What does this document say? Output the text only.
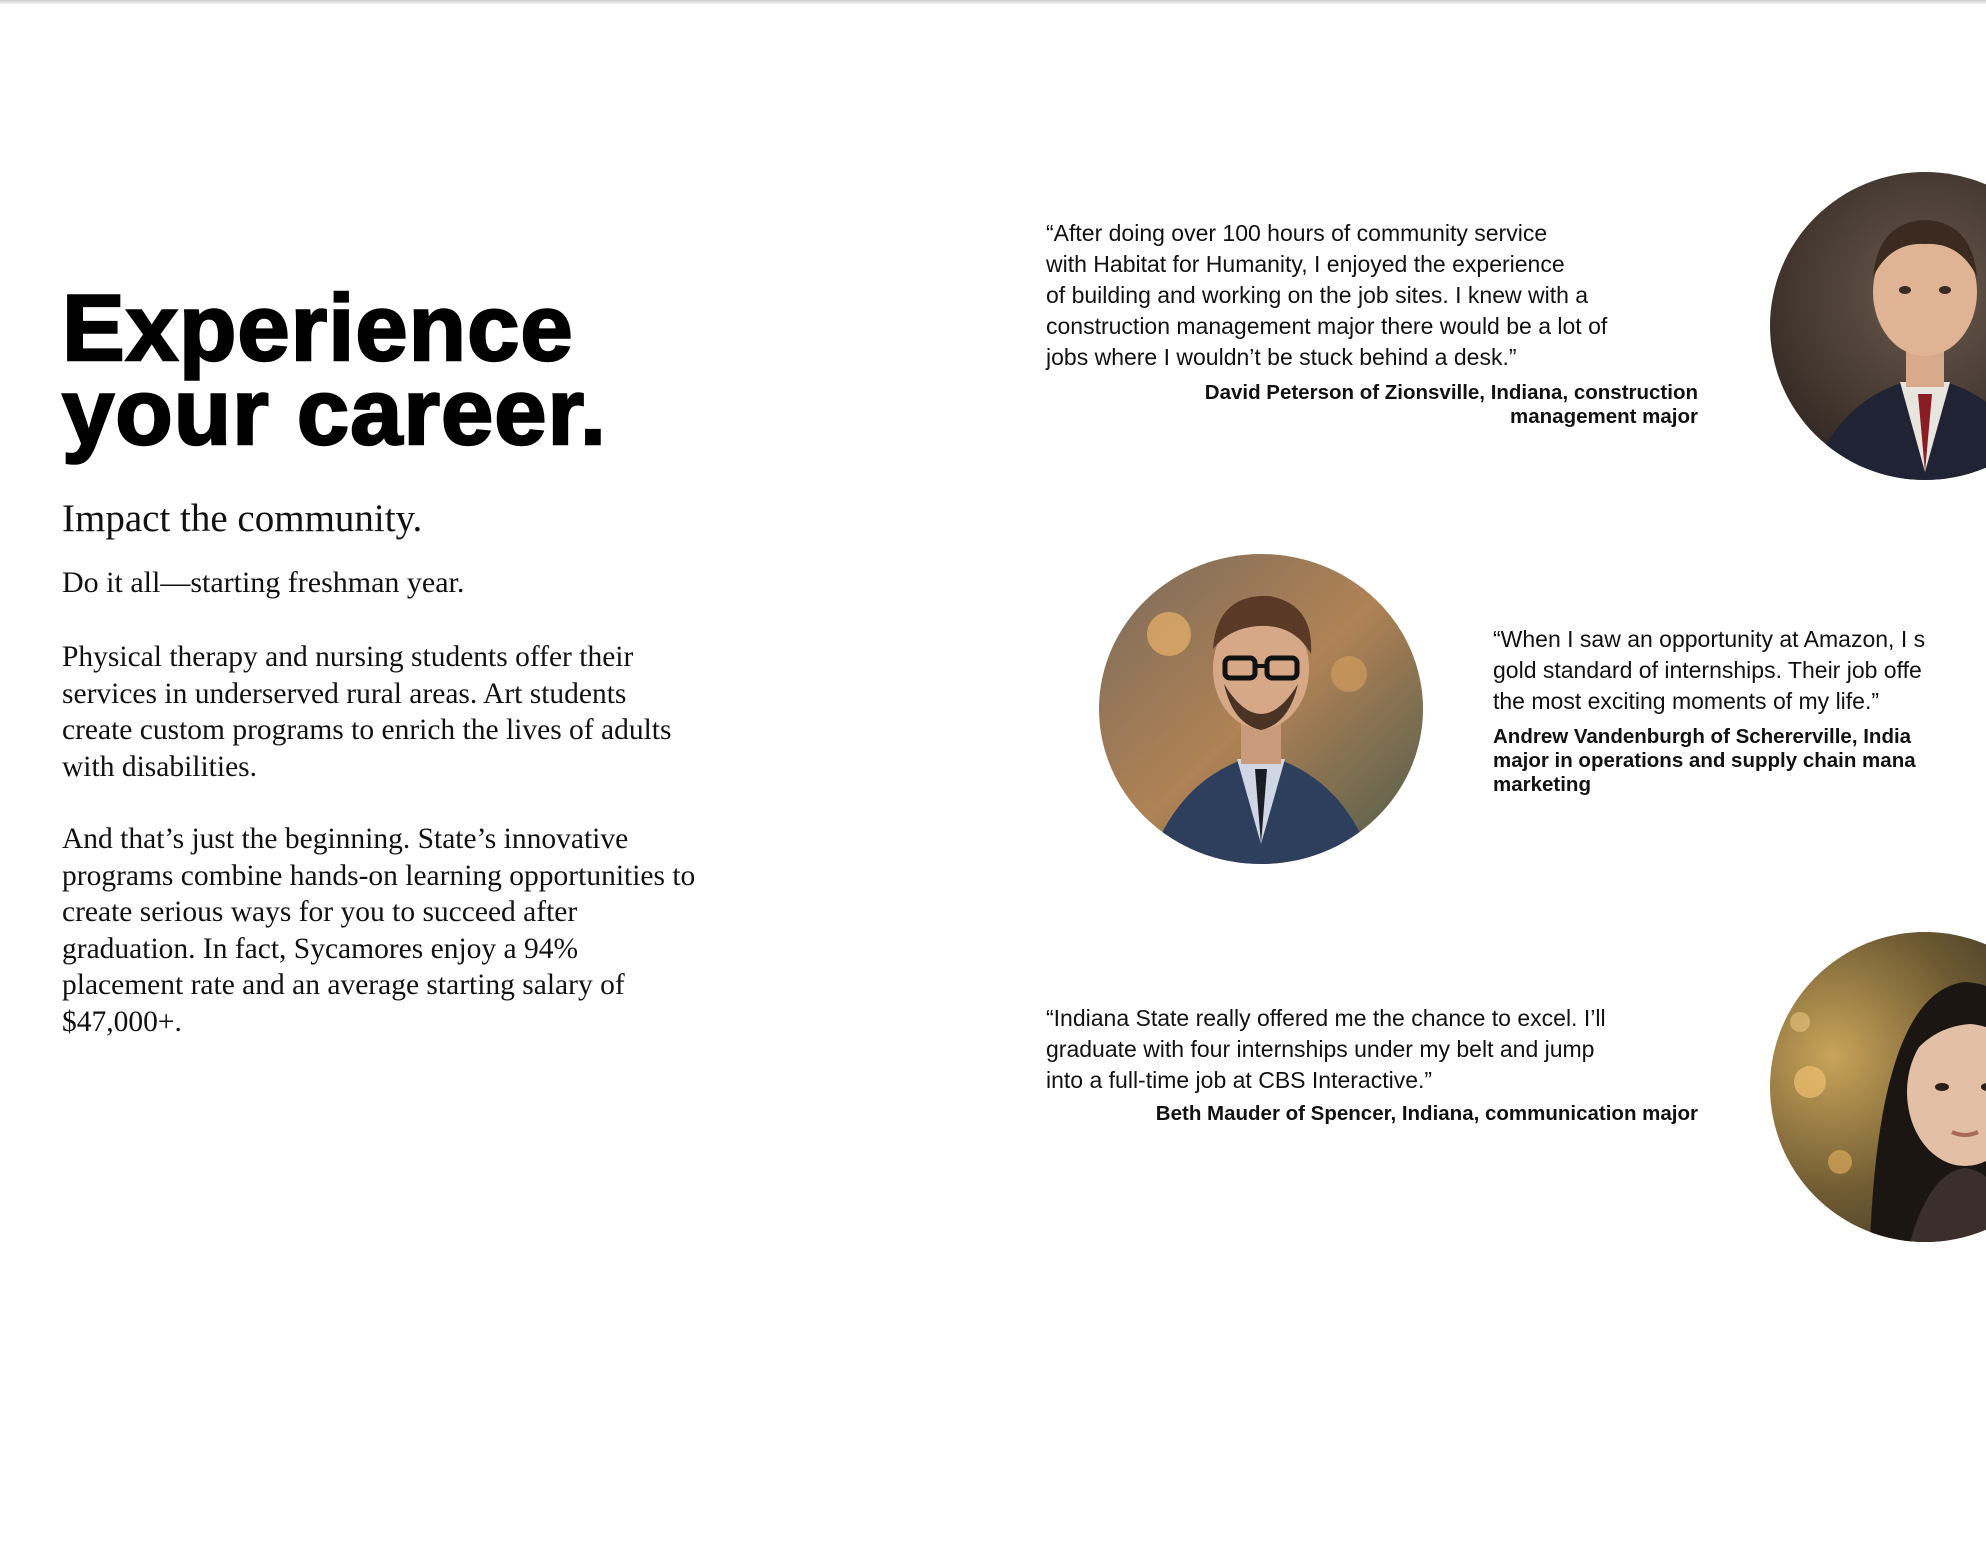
Experience
your career.
Impact the community.

Do it all—starting freshman year.

Physical therapy and nursing students offer their services in underserved rural areas. Art students create custom programs to enrich the lives of adults with disabilities.

And that’s just the beginning. State’s innovative programs combine hands-on learning opportunities to create serious ways for you to succeed after graduation. In fact, Sycamores enjoy a 94% placement rate and an average starting salary of $47,000+.

“After doing over 100 hours of community service
with Habitat for Humanity, I enjoyed the experience
of building and working on the job sites. I knew with a
construction management major there would be a lot of
jobs where I wouldn’t be stuck behind a desk.”

David Peterson of Zionsville, Indiana, construction
management major

“When I saw an opportunity at Amazon, I s
gold standard of internships. Their job offe
the most exciting moments of my life.”

Andrew Vandenburgh of Schererville, India
major in operations and supply chain mana
marketing

“Indiana State really offered me the chance to excel. I’ll
graduate with four internships under my belt and jump
into a full-time job at CBS Interactive.”

Beth Mauder of Spencer, Indiana, communication major
